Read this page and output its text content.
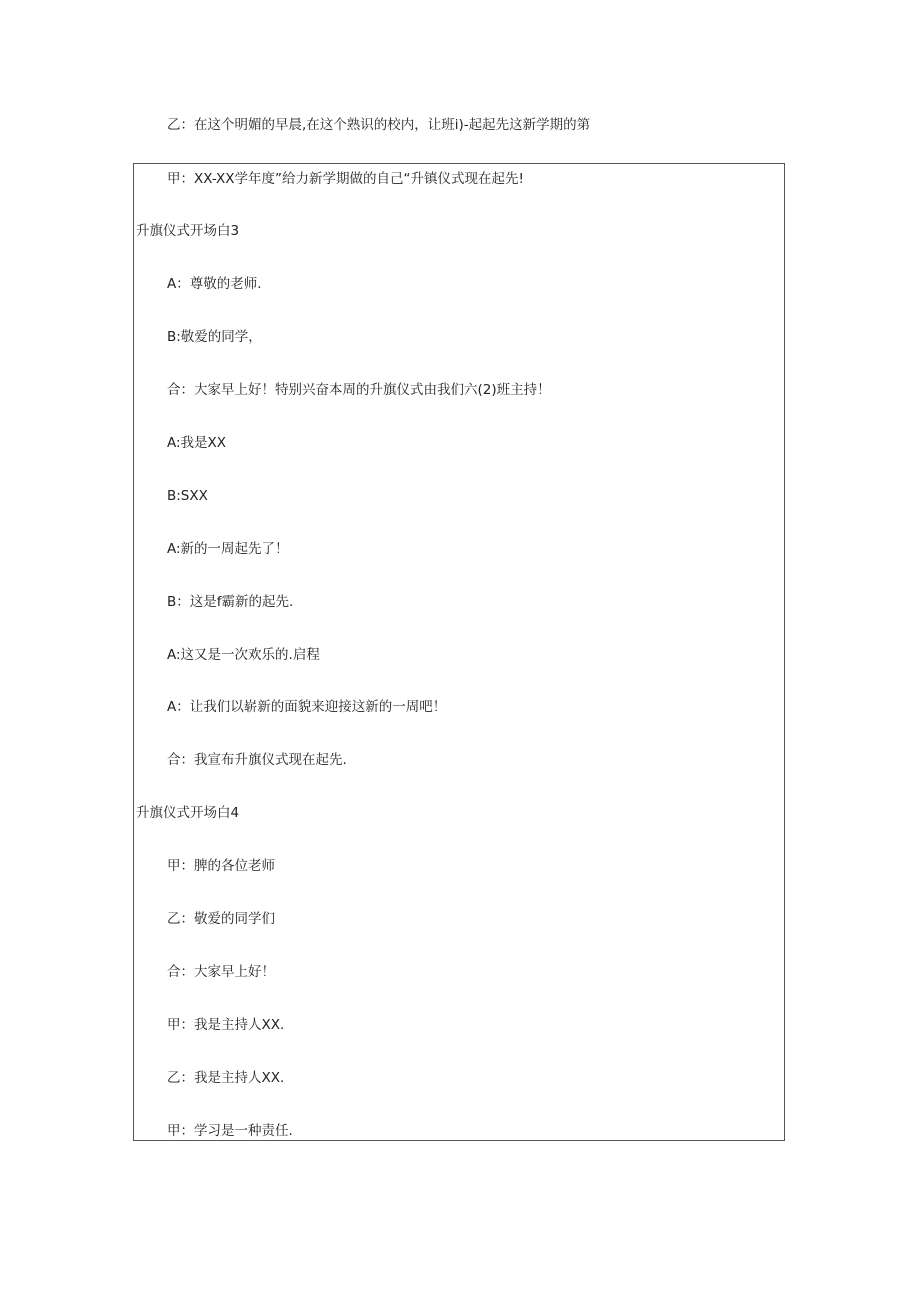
乙：在这个明媚的早晨,在这个熟识的校内，让班i)-起起先这新学期的第
甲：XX-XX学年度”给力新学期做的自己“升镇仪式现在起先!
升旗仪式开场白3
A：尊敬的老师.
B:敬爱的同学，
合：大家早上好！特别兴奋本周的升旗仪式由我们六(2)班主持！
A:我是XX
B:SXX
A:新的一周起先了！
B：这是f霸新的起先.
A:这又是一次欢乐的.启程
A：让我们以崭新的面貌来迎接这新的一周吧！
合：我宣布升旗仪式现在起先.
升旗仪式开场白4
甲：脾的各位老师
乙：敬爱的同学们
合：大家早上好！
甲：我是主持人XX.
乙：我是主持人XX.
甲：学习是一种责任.
